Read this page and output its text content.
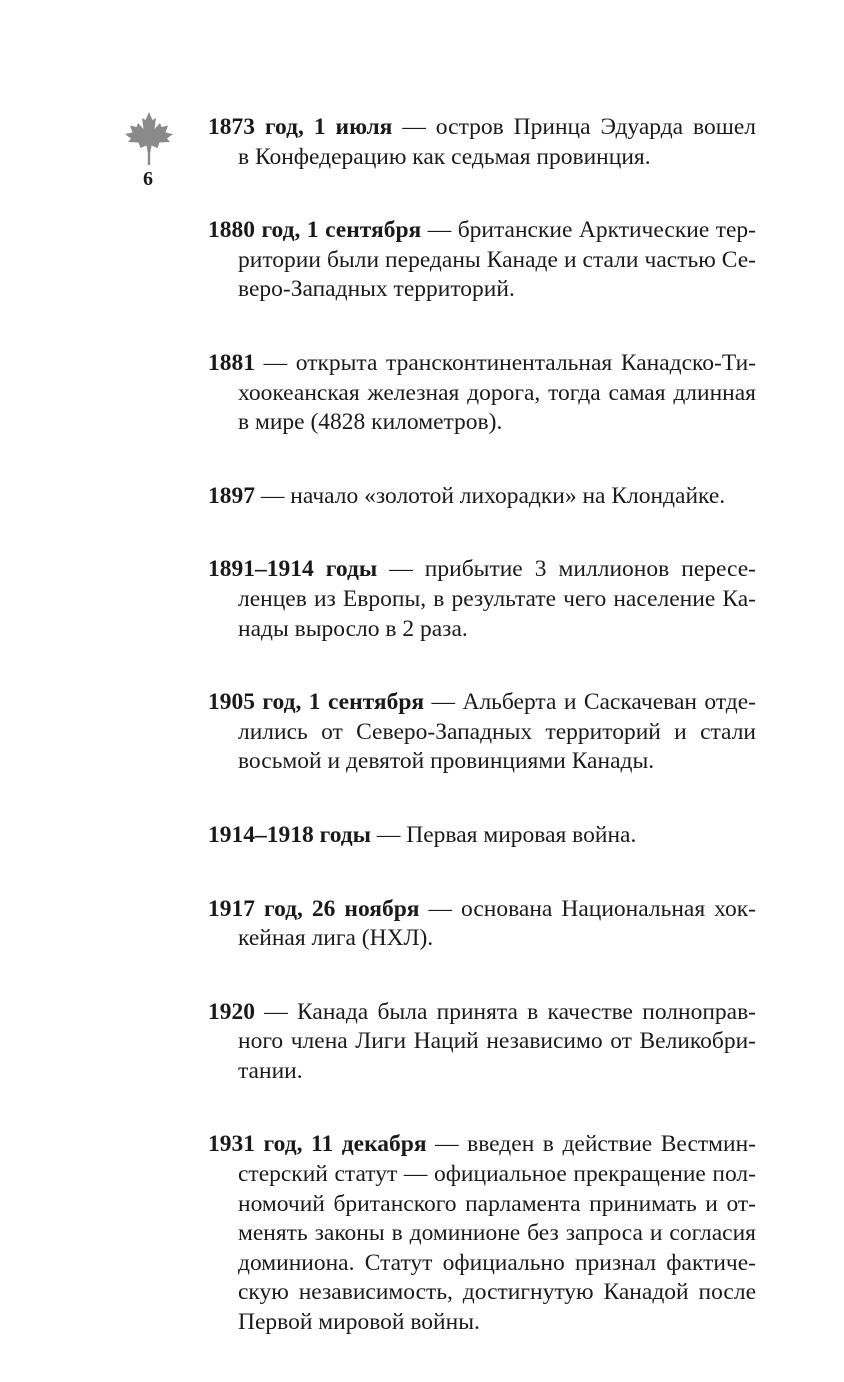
6

1873 год, 1 июля — остров Принца Эдуарда вошел
в Конфедерацию как седьмая провинция.

1880 год, 1 сентября — британские Арктические тер-
ритории были переданы Канаде и стали частью Се-
веро-Западных территорий.

1881 — открыта трансконтинентальная Канадско-Ти-
хоокеанская железная дорога, тогда самая длинная
в мире (4828 километров).

1897 — начало «золотой лихорадки» на Клондайке.

1891–1914 годы — прибытие 3 миллионов пересе-
ленцев из Европы, в результате чего население Ка-
нады выросло в 2 раза.

1905 год, 1 сентября — Альберта и Саскачеван отде-
лились от Северо-Западных территорий и стали
восьмой и девятой провинциями Канады.

1914–1918 годы — Первая мировая война.

1917 год, 26 ноября — основана Национальная хок-
кейная лига (НХЛ).

1920 — Канада была принята в качестве полноправ-
ного члена Лиги Наций независимо от Великобри-
тании.

1931 год, 11 декабря — введен в действие Вестмин-
стерский статут — официальное прекращение пол-
номочий британского парламента принимать и от-
менять законы в доминионе без запроса и согласия
доминиона. Статут официально признал фактиче-
скую независимость, достигнутую Канадой после
Первой мировой войны.
